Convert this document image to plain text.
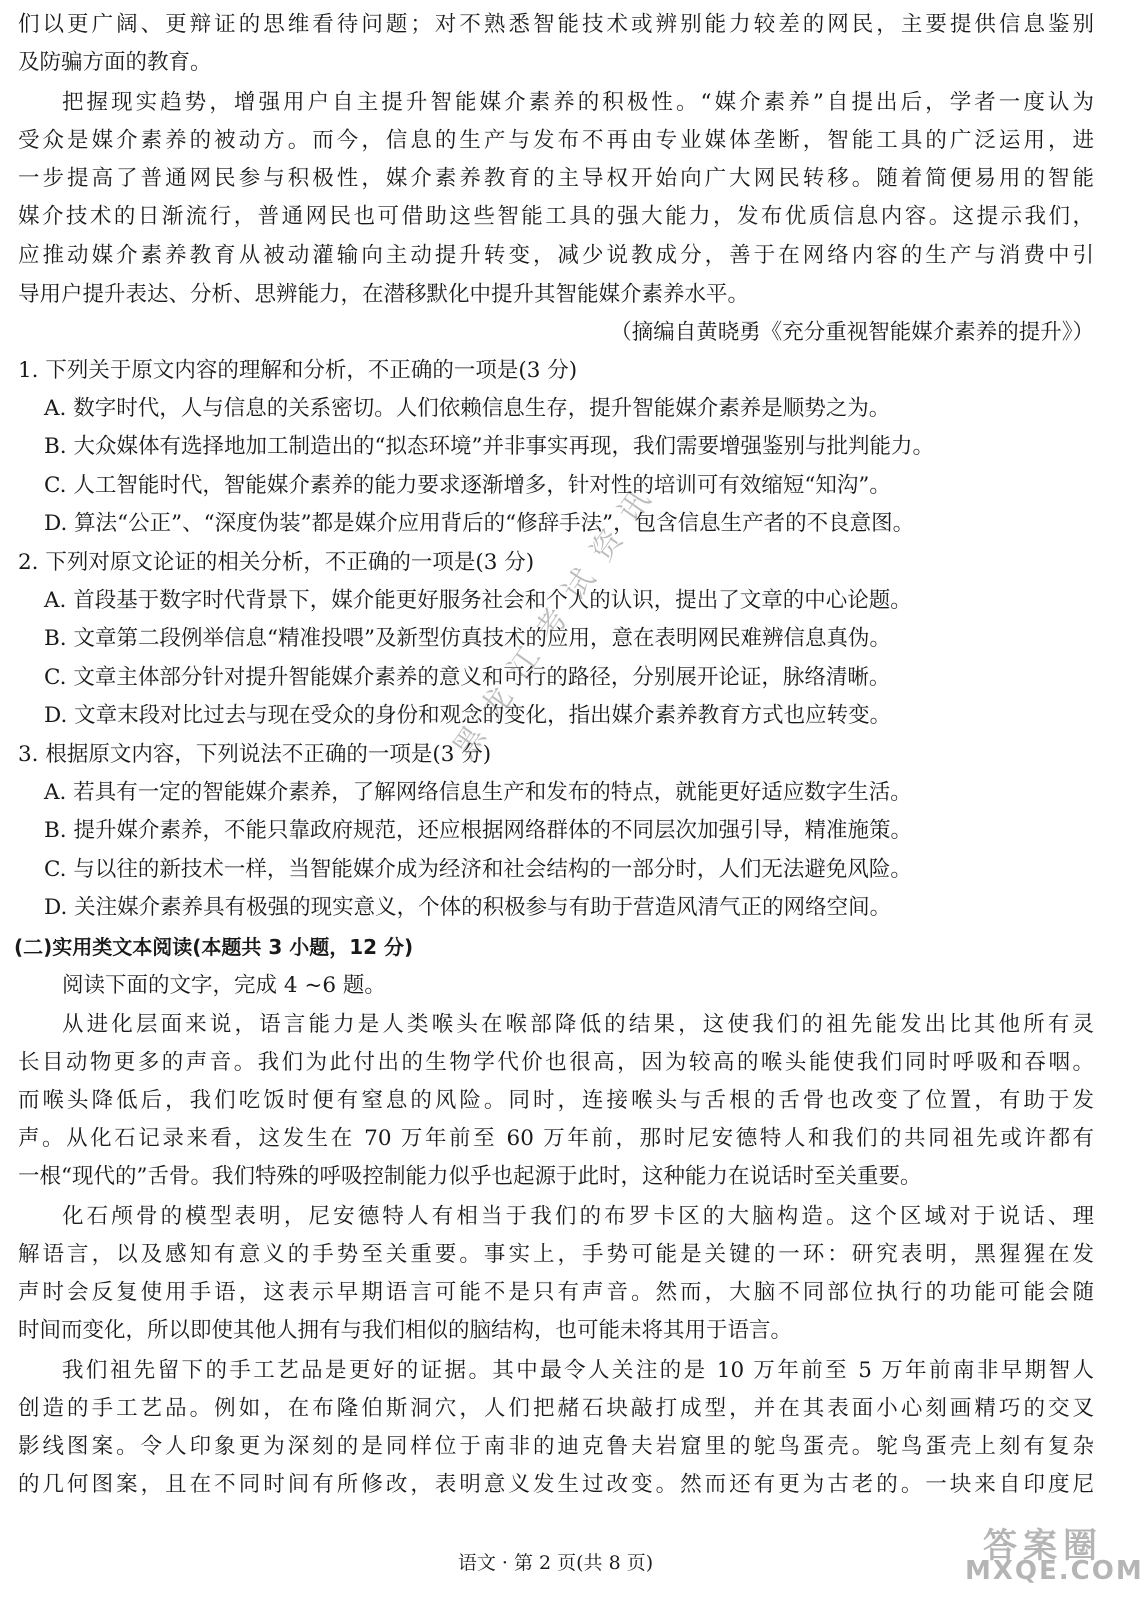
们以更广阔、更辩证的思维看待问题；对不熟悉智能技术或辨别能力较差的网民，主要提供信息鉴别
及防骗方面的教育。
把握现实趋势，增强用户自主提升智能媒介素养的积极性。“媒介素养”自提出后，学者一度认为
受众是媒介素养的被动方。而今，信息的生产与发布不再由专业媒体垄断，智能工具的广泛运用，进
一步提高了普通网民参与积极性，媒介素养教育的主导权开始向广大网民转移。随着简便易用的智能
媒介技术的日渐流行，普通网民也可借助这些智能工具的强大能力，发布优质信息内容。这提示我们，
应推动媒介素养教育从被动灌输向主动提升转变，减少说教成分，善于在网络内容的生产与消费中引
导用户提升表达、分析、思辨能力，在潜移默化中提升其智能媒介素养水平。
（摘编自黄晓勇《充分重视智能媒介素养的提升》）
1. 下列关于原文内容的理解和分析，不正确的一项是(3 分)
A. 数字时代，人与信息的关系密切。人们依赖信息生存，提升智能媒介素养是顺势之为。
B. 大众媒体有选择地加工制造出的“拟态环境”并非事实再现，我们需要增强鉴别与批判能力。
C. 人工智能时代，智能媒介素养的能力要求逐渐增多，针对性的培训可有效缩短“知沟”。
D. 算法“公正”、“深度伪装”都是媒介应用背后的“修辞手法”，包含信息生产者的不良意图。
2. 下列对原文论证的相关分析，不正确的一项是(3 分)
A. 首段基于数字时代背景下，媒介能更好服务社会和个人的认识，提出了文章的中心论题。
B. 文章第二段例举信息“精准投喂”及新型仿真技术的应用，意在表明网民难辨信息真伪。
C. 文章主体部分针对提升智能媒介素养的意义和可行的路径，分别展开论证，脉络清晰。
D. 文章末段对比过去与现在受众的身份和观念的变化，指出媒介素养教育方式也应转变。
3. 根据原文内容，下列说法不正确的一项是(3 分)
A. 若具有一定的智能媒介素养，了解网络信息生产和发布的特点，就能更好适应数字生活。
B. 提升媒介素养，不能只靠政府规范，还应根据网络群体的不同层次加强引导，精准施策。
C. 与以往的新技术一样，当智能媒介成为经济和社会结构的一部分时，人们无法避免风险。
D. 关注媒介素养具有极强的现实意义，个体的积极参与有助于营造风清气正的网络空间。
(二)实用类文本阅读(本题共 3 小题，12 分)
阅读下面的文字，完成 4 ~6 题。
从进化层面来说，语言能力是人类喉头在喉部降低的结果，这使我们的祖先能发出比其他所有灵
长目动物更多的声音。我们为此付出的生物学代价也很高，因为较高的喉头能使我们同时呼吸和吞咽。
而喉头降低后，我们吃饭时便有窒息的风险。同时，连接喉头与舌根的舌骨也改变了位置，有助于发
声。从化石记录来看，这发生在 70 万年前至 60 万年前，那时尼安德特人和我们的共同祖先或许都有
一根“现代的”舌骨。我们特殊的呼吸控制能力似乎也起源于此时，这种能力在说话时至关重要。
化石颅骨的模型表明，尼安德特人有相当于我们的布罗卡区的大脑构造。这个区域对于说话、理
解语言，以及感知有意义的手势至关重要。事实上，手势可能是关键的一环：研究表明，黑猩猩在发
声时会反复使用手语，这表示早期语言可能不是只有声音。然而，大脑不同部位执行的功能可能会随
时间而变化，所以即使其他人拥有与我们相似的脑结构，也可能未将其用于语言。
我们祖先留下的手工艺品是更好的证据。其中最令人关注的是 10 万年前至 5 万年前南非早期智人
创造的手工艺品。例如，在布隆伯斯洞穴，人们把赭石块敲打成型，并在其表面小心刻画精巧的交叉
影线图案。令人印象更为深刻的是同样位于南非的迪克鲁夫岩窟里的鸵鸟蛋壳。鸵鸟蛋壳上刻有复杂
的几何图案，且在不同时间有所修改，表明意义发生过改变。然而还有更为古老的。一块来自印度尼
语文 · 第 2 页(共 8 页)
黑龙江考试资讯
答案圈
MXQE.COM
